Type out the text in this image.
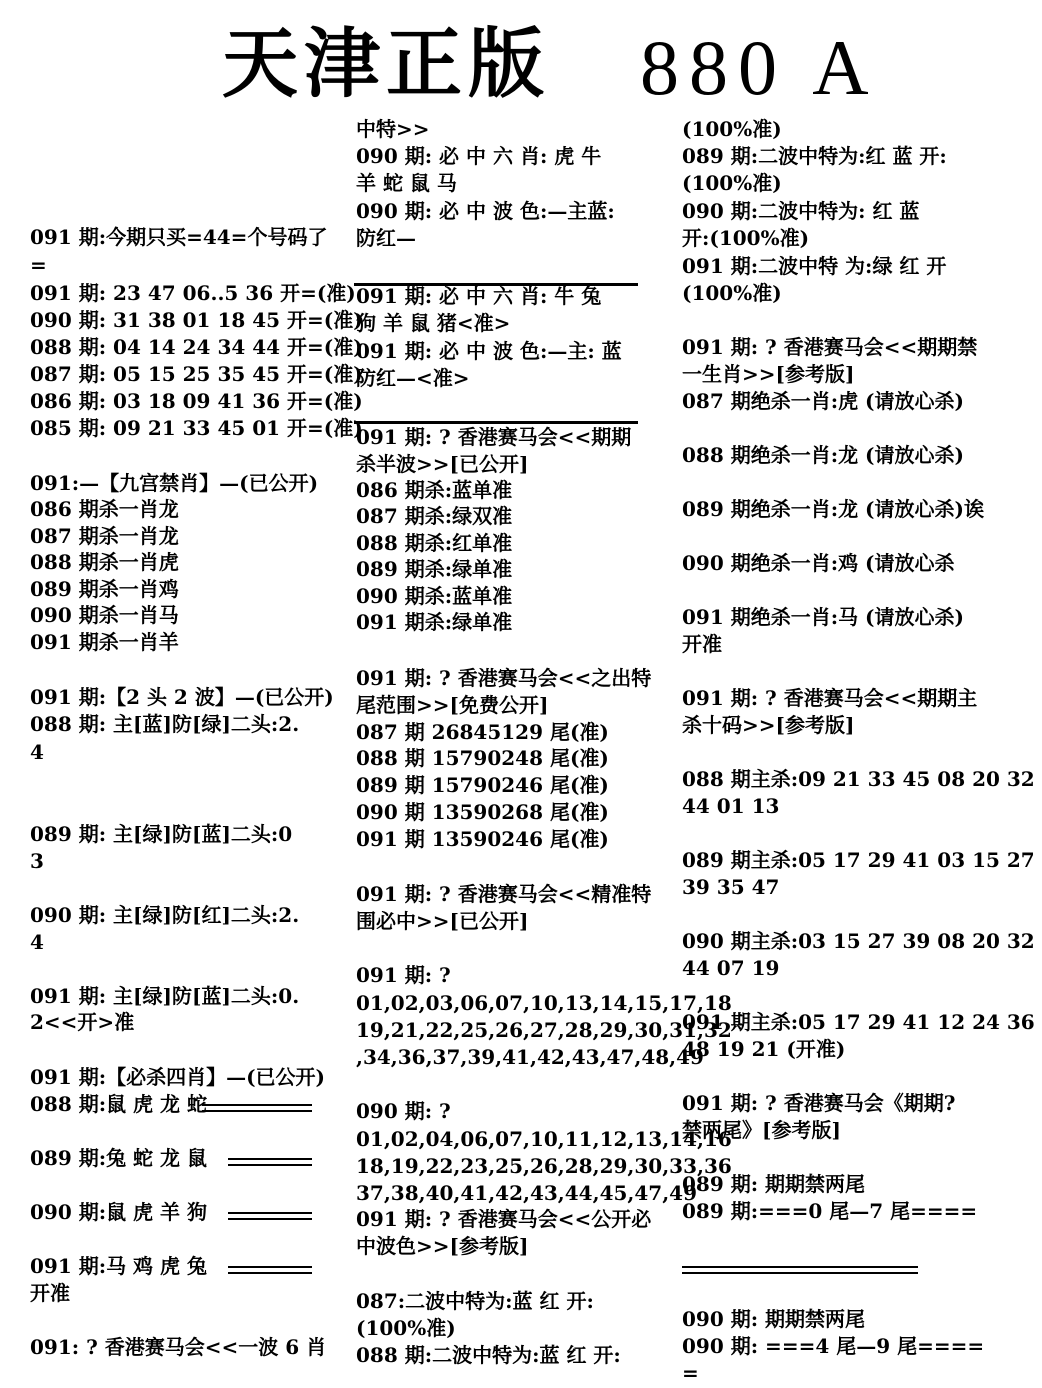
天津正版 880 A
091 期:今期只买=44=个号码了
=
091 期: 23 47 06..5 36 开=(准)
090 期: 31 38 01 18 45 开=(准)
088 期: 04 14 24 34 44 开=(准)
087 期: 05 15 25 35 45 开=(准)
086 期: 03 18 09 41 36 开=(准)
085 期: 09 21 33 45 01 开=(准)
091:—【九宫禁肖】—(已公开)
086 期杀一肖龙
087 期杀一肖龙
088 期杀一肖虎
089 期杀一肖鸡
090 期杀一肖马
091 期杀一肖羊
091 期:【2 头 2 波】—(已公开)
088 期: 主[蓝]防[绿]二头:2.
4
089 期: 主[绿]防[蓝]二头:0
3
090 期: 主[绿]防[红]二头:2.
4
091 期: 主[绿]防[蓝]二头:0.
2<<开>准
091 期:【必杀四肖】—(已公开)
088 期:鼠 虎 龙 蛇
089 期:兔 蛇 龙 鼠
090 期:鼠 虎 羊 狗
091 期:马 鸡 虎 兔
开准
091: ? 香港赛马会<<一波 6 肖
中特>>
090 期: 必 中 六 肖: 虎 牛
羊 蛇 鼠 马
090 期: 必 中 波 色:—主蓝:
防红—
091 期: 必 中 六 肖: 牛 兔
狗 羊 鼠 猪<准>
091 期: 必 中 波 色:—主: 蓝
防红—<准>
091 期: ? 香港赛马会<<期期
杀半波>>[已公开]
086 期杀:蓝单准
087 期杀:绿双准
088 期杀:红单准
089 期杀:绿单准
090 期杀:蓝单准
091 期杀:绿单准
091 期: ? 香港赛马会<<之出特
尾范围>>[免费公开]
087 期 26845129 尾(准)
088 期 15790248 尾(准)
089 期 15790246 尾(准)
090 期 13590268 尾(准)
091 期 13590246 尾(准)
091 期: ? 香港赛马会<<精准特
围必中>>[已公开]
091 期: ?
01,02,03,06,07,10,13,14,15,17,18
19,21,22,25,26,27,28,29,30,31,32
,34,36,37,39,41,42,43,47,48,49
090 期: ?
01,02,04,06,07,10,11,12,13,14,16
18,19,22,23,25,26,28,29,30,33,36
37,38,40,41,42,43,44,45,47,49
091 期: ? 香港赛马会<<公开必
中波色>>[参考版]
087:二波中特为:蓝 红 开:
(100%准)
088 期:二波中特为:蓝 红 开:
(100%准)
089 期:二波中特为:红 蓝 开:
(100%准)
090 期:二波中特为: 红 蓝
开:(100%准)
091 期:二波中特 为:绿 红 开
(100%准)
091 期: ? 香港赛马会<<期期禁
一生肖>>[参考版]
087 期绝杀一肖:虎 (请放心杀)
088 期绝杀一肖:龙 (请放心杀)
089 期绝杀一肖:龙 (请放心杀)诶
090 期绝杀一肖:鸡 (请放心杀
091 期绝杀一肖:马 (请放心杀)
开准
091 期: ? 香港赛马会<<期期主
杀十码>>[参考版]
088 期主杀:09 21 33 45 08 20 32
44 01 13
089 期主杀:05 17 29 41 03 15 27
39 35 47
090 期主杀:03 15 27 39 08 20 32
44 07 19
091 期主杀:05 17 29 41 12 24 36
48 19 21 (开准)
091 期: ? 香港赛马会《期期?
禁两尾》[参考版]
089 期: 期期禁两尾
089 期:===0 尾—7 尾====
090 期: 期期禁两尾
090 期: ===4 尾—9 尾====
=
